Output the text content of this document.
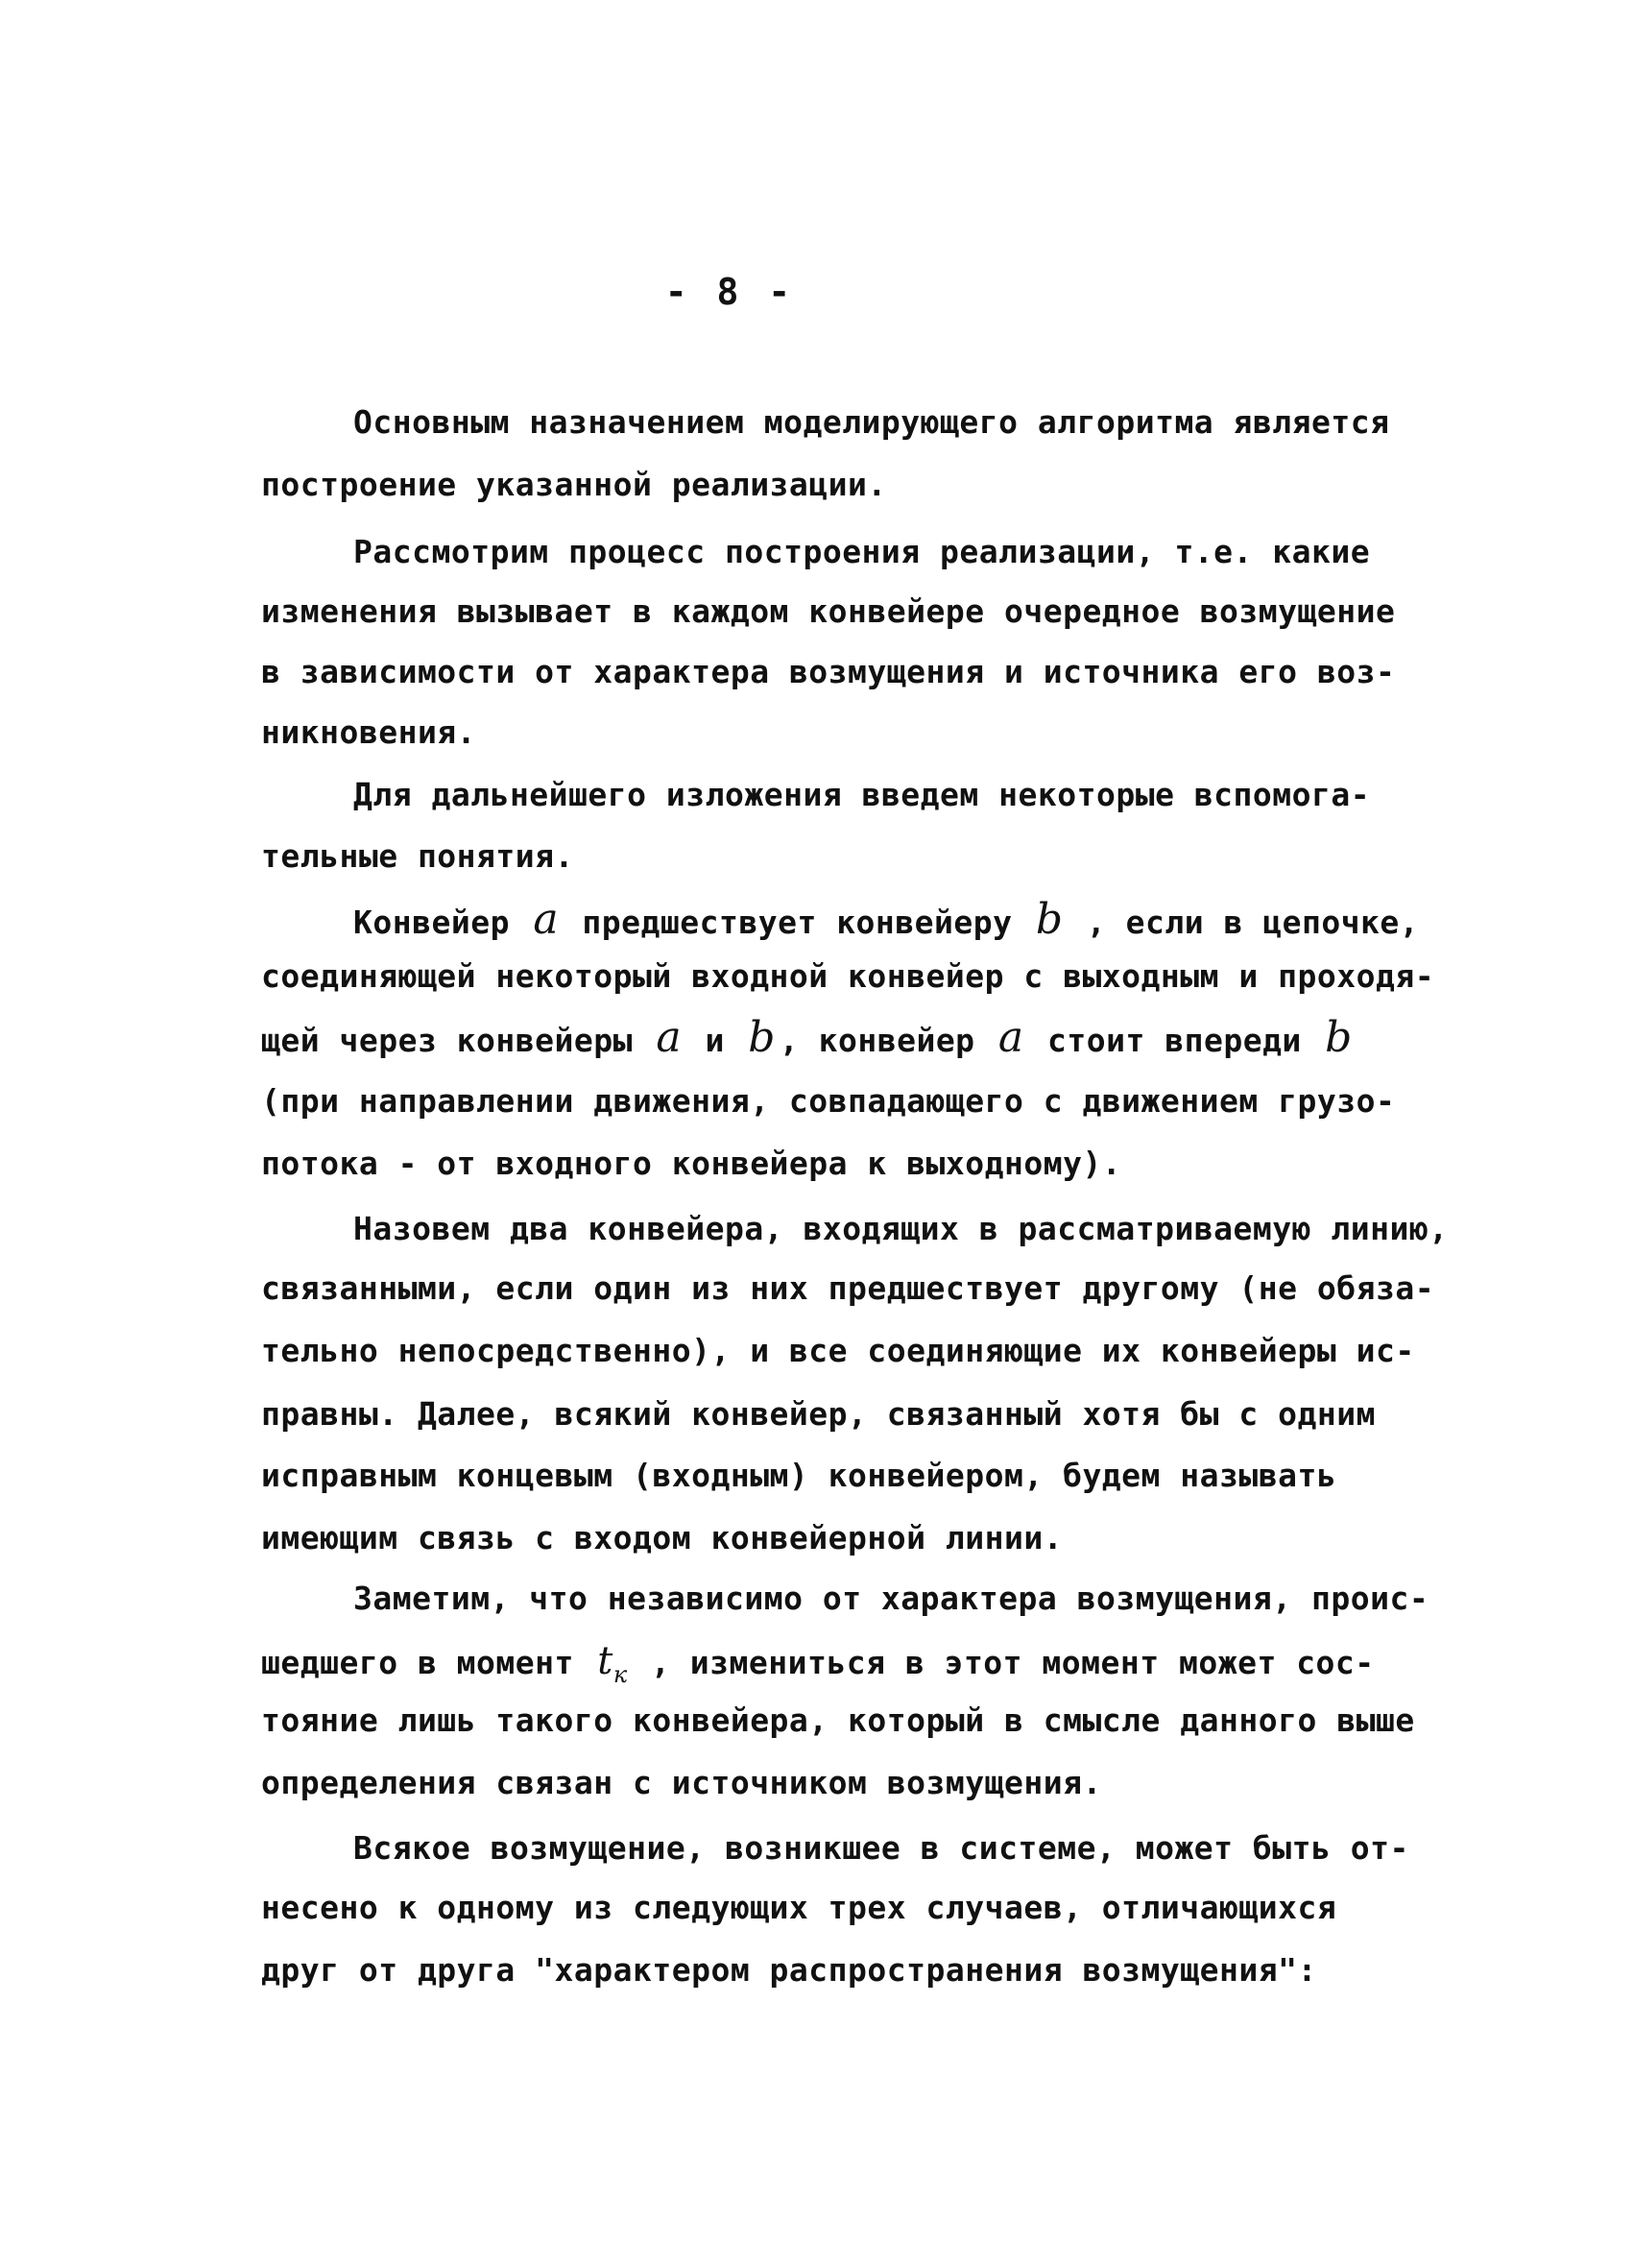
- 8 -
Основным назначением моделирующего алгоритма является
построение указанной реализации.
Рассмотрим процесс построения реализации, т.е. какие
изменения вызывает в каждом конвейере очередное возмущение
в зависимости от характера возмущения и источника его воз-
никновения.
Для дальнейшего изложения введем некоторые вспомога-
тельные понятия.
Конвейер a предшествует конвейеру b , если в цепочке,
соединяющей некоторый входной конвейер с выходным и проходя-
щей через конвейеры a и b , конвейер a стоит впереди b
(при направлении движения, совпадающего с движением грузо-
потока - от входного конвейера к выходному).
Назовем два конвейера, входящих в рассматриваемую линию,
связанными, если один из них предшествует другому (не обяза-
тельно непосредственно), и все соединяющие их конвейеры ис-
правны. Далее, всякий конвейер, связанный хотя бы с одним
исправным концевым (входным) конвейером, будем называть
имеющим связь с входом конвейерной линии.
Заметим, что независимо от характера возмущения, проис-
шедшего в момент $t_к$ , измениться в этот момент может сос-
тояние лишь такого конвейера, который в смысле данного выше
определения связан с источником возмущения.
Всякое возмущение, возникшее в системе, может быть от-
несено к одному из следующих трех случаев, отличающихся
друг от друга "характером распространения возмущения":
